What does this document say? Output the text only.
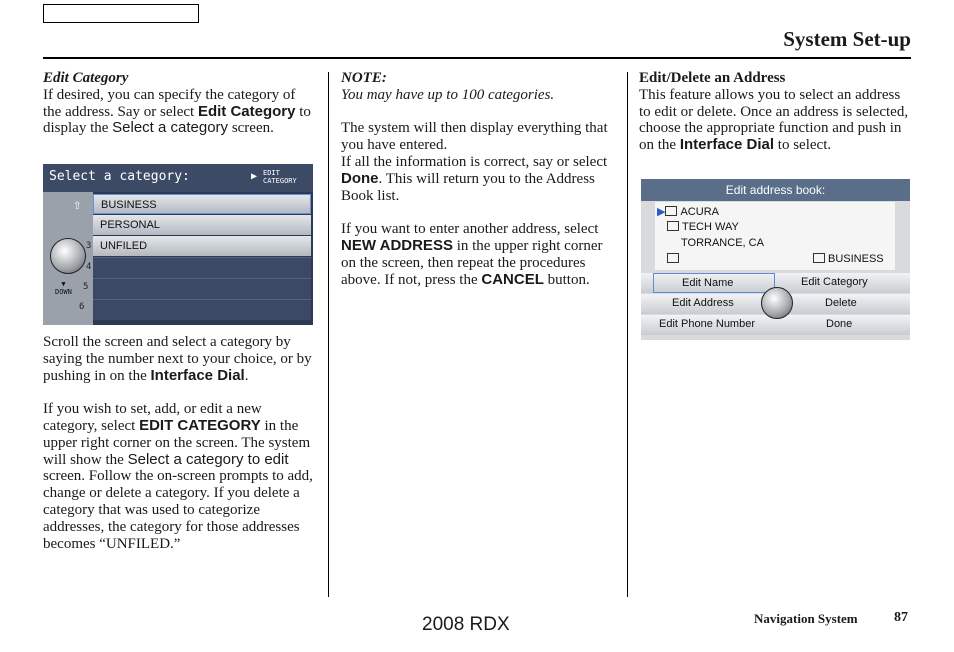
System Set-up
Edit Category
If desired, you can specify the category of the address. Say or select Edit Category to display the Select a category screen.
Select a category:	▶ EDIT
CATEGORY
⇧
3
4
5
6
▼
DOWN
BUSINESS
PERSONAL
UNFILED

Scroll the screen and select a category by saying the number next to your choice, or by pushing in on the Interface Dial.

If you wish to set, add, or edit a new category, select EDIT CATEGORY in the upper right corner on the screen. The system will show the Select a category to edit screen. Follow the on-screen prompts to add, change or delete a category. If you delete a category that was used to categorize addresses, the category for those addresses becomes “UNFILED.”

NOTE:

You may have up to 100 categories.

The system will then display everything that you have entered.

If all the information is correct, say or select Done. This will return you to the Address Book list.

If you want to enter another address, select NEW ADDRESS in the upper right corner on the screen, then repeat the procedures above. If not, press the CANCEL button.

Edit/Delete an Address
This feature allows you to select an address to edit or delete. Once an address is selected, choose the appropriate function and push in on the Interface Dial to select.
Edit address book:
▶ ACURA
TECH WAY
TORRANCE, CA
BUSINESS
Edit Name	Edit Category
Edit Address	Delete
Edit Phone Number	Done
2008 RDX	Navigation System	87
